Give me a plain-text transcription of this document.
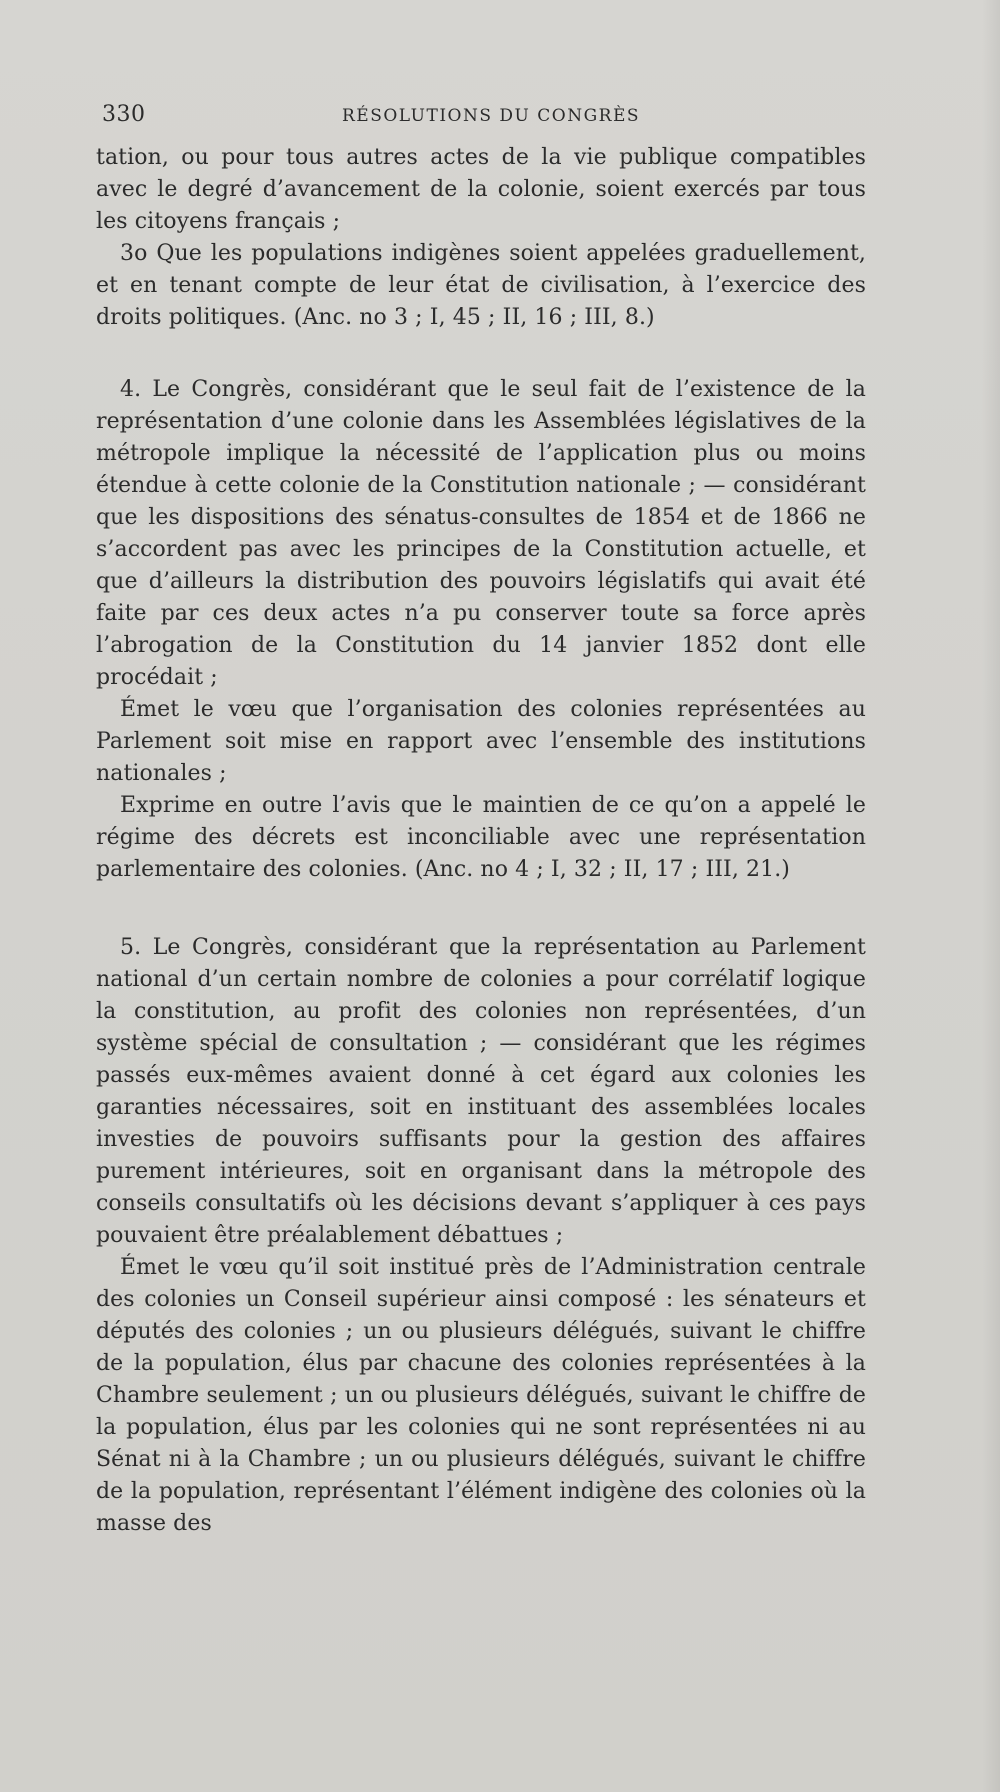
330	RÉSOLUTIONS DU CONGRÈS

tation, ou pour tous autres actes de la vie publique compatibles avec le degré d’avancement de la colonie, soient exercés par tous les citoyens français ;

3o Que les populations indigènes soient appelées graduellement, et en tenant compte de leur état de civilisation, à l’exercice des droits politiques. (Anc. no 3 ; I, 45 ; II, 16 ; III, 8.)

4. Le Congrès, considérant que le seul fait de l’existence de la représentation d’une colonie dans les Assemblées législatives de la métropole implique la nécessité de l’application plus ou moins étendue à cette colonie de la Constitution nationale ; — considérant que les dispositions des sénatus-consultes de 1854 et de 1866 ne s’accordent pas avec les principes de la Constitution actuelle, et que d’ailleurs la distribution des pouvoirs législatifs qui avait été faite par ces deux actes n’a pu conserver toute sa force après l’abrogation de la Constitution du 14 janvier 1852 dont elle procédait ;

Émet le vœu que l’organisation des colonies représentées au Parlement soit mise en rapport avec l’ensemble des institutions nationales ;

Exprime en outre l’avis que le maintien de ce qu’on a appelé le régime des décrets est inconciliable avec une représentation parlementaire des colonies. (Anc. no 4 ; I, 32 ; II, 17 ; III, 21.)

5. Le Congrès, considérant que la représentation au Parlement national d’un certain nombre de colonies a pour corrélatif logique la constitution, au profit des colonies non représentées, d’un système spécial de consultation ; — considérant que les régimes passés eux-mêmes avaient donné à cet égard aux colonies les garanties nécessaires, soit en instituant des assemblées locales investies de pouvoirs suffisants pour la gestion des affaires purement intérieures, soit en organisant dans la métropole des conseils consultatifs où les décisions devant s’appliquer à ces pays pouvaient être préalablement débattues ;

Émet le vœu qu’il soit institué près de l’Administration centrale des colonies un Conseil supérieur ainsi composé : les sénateurs et députés des colonies ; un ou plusieurs délégués, suivant le chiffre de la population, élus par chacune des colonies représentées à la Chambre seulement ; un ou plusieurs délégués, suivant le chiffre de la population, élus par les colonies qui ne sont représentées ni au Sénat ni à la Chambre ; un ou plusieurs délégués, suivant le chiffre de la population, représentant l’élément indigène des colonies où la masse des
